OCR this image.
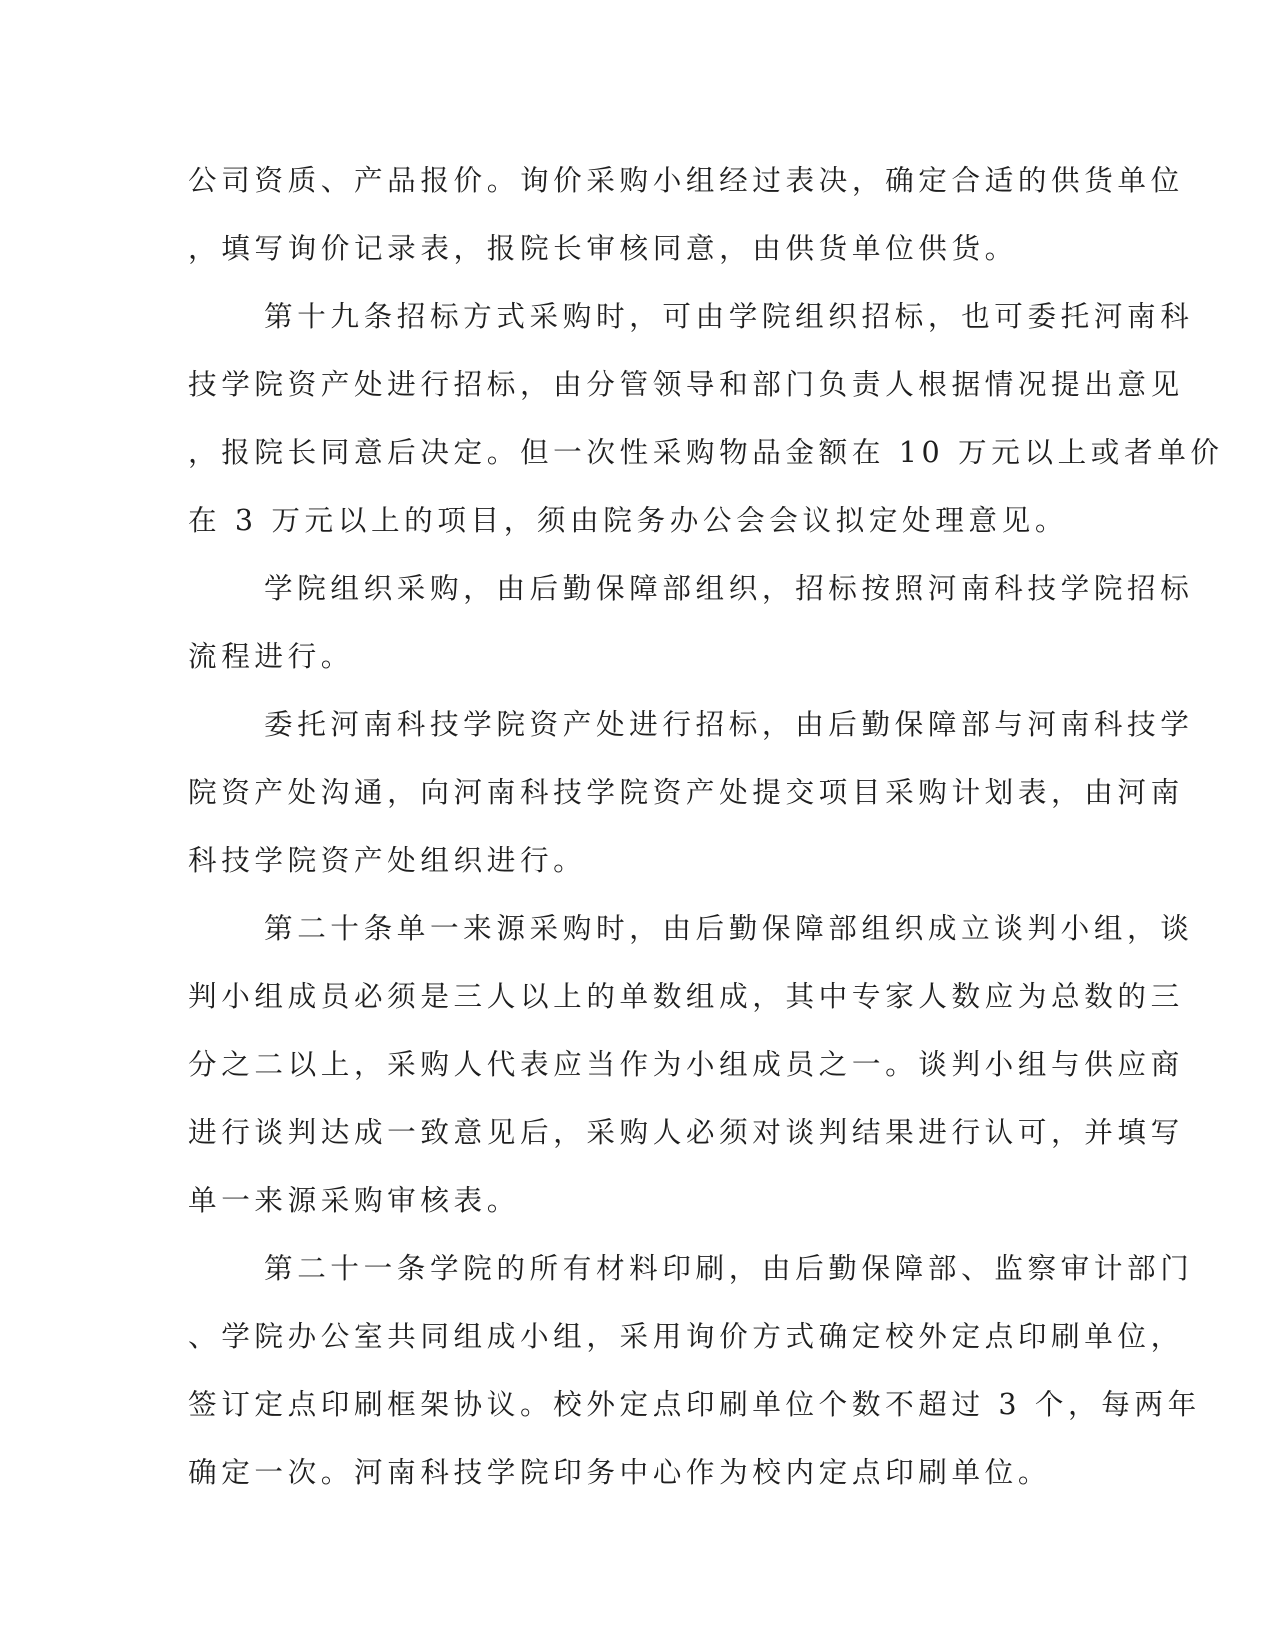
公司资质、产品报价。询价采购小组经过表决，确定合适的供货单位
，填写询价记录表，报院长审核同意，由供货单位供货。
第十九条招标方式采购时，可由学院组织招标，也可委托河南科
技学院资产处进行招标，由分管领导和部门负责人根据情况提出意见
，报院长同意后决定。但一次性采购物品金额在 10 万元以上或者单价
在 3 万元以上的项目，须由院务办公会会议拟定处理意见。
学院组织采购，由后勤保障部组织，招标按照河南科技学院招标
流程进行。
委托河南科技学院资产处进行招标，由后勤保障部与河南科技学
院资产处沟通，向河南科技学院资产处提交项目采购计划表，由河南
科技学院资产处组织进行。
第二十条单一来源采购时，由后勤保障部组织成立谈判小组，谈
判小组成员必须是三人以上的单数组成，其中专家人数应为总数的三
分之二以上，采购人代表应当作为小组成员之一。谈判小组与供应商
进行谈判达成一致意见后，采购人必须对谈判结果进行认可，并填写
单一来源采购审核表。
第二十一条学院的所有材料印刷，由后勤保障部、监察审计部门
、学院办公室共同组成小组，采用询价方式确定校外定点印刷单位，
签订定点印刷框架协议。校外定点印刷单位个数不超过 3 个，每两年
确定一次。河南科技学院印务中心作为校内定点印刷单位。
